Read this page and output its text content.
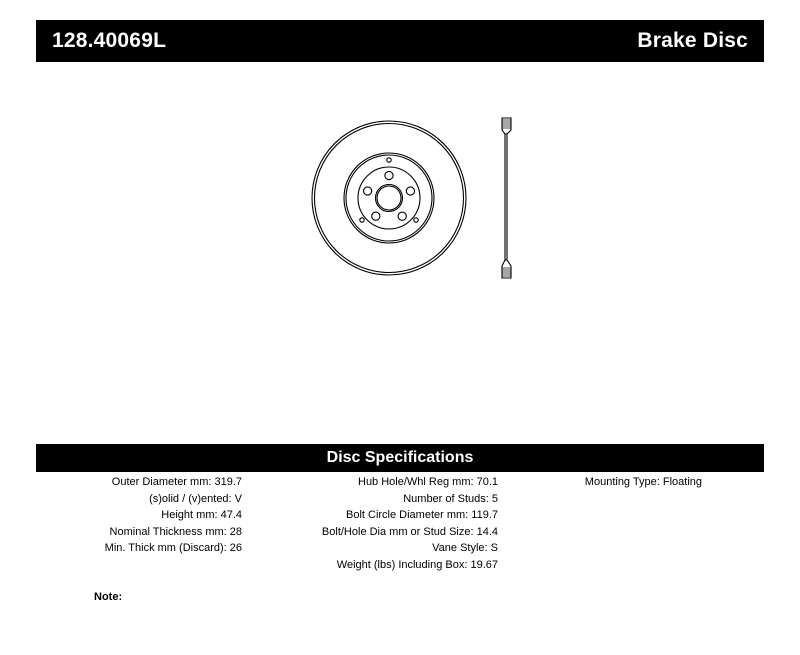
128.40069L	Brake Disc
Disc Specifications
Outer Diameter mm: 319.7
(s)olid / (v)ented: V
Height mm: 47.4
Nominal Thickness mm: 28
Min. Thick mm (Discard): 26
Hub Hole/Whl Reg mm: 70.1
Number of Studs: 5
Bolt Circle Diameter mm: 119.7
Bolt/Hole Dia mm or Stud Size: 14.4
Vane Style: S
Weight (lbs) Including Box: 19.67
Mounting Type: Floating
Note:
